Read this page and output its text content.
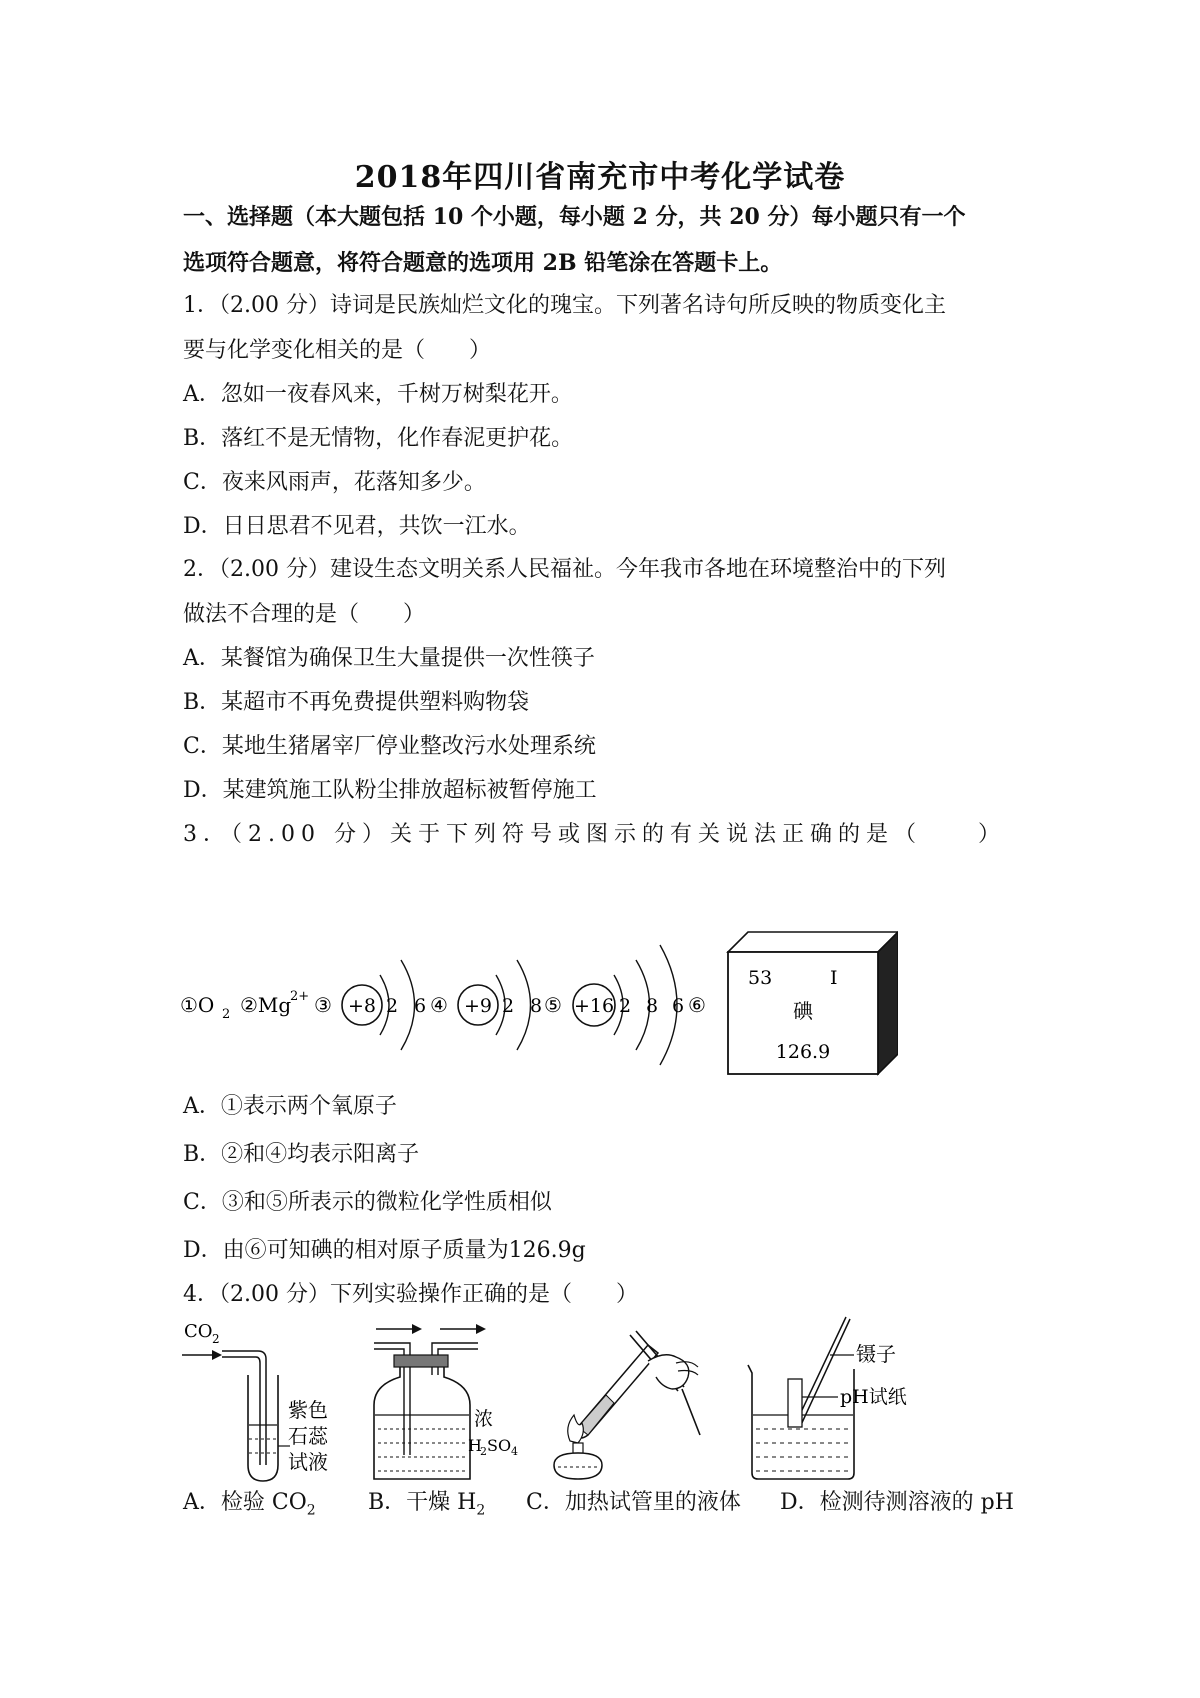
2018年四川省南充市中考化学试卷
一、选择题（本大题包括 10 个小题，每小题 2 分，共 20 分）每小题只有一个
选项符合题意，将符合题意的选项用 2B 铅笔涂在答题卡上。
1．（2.00 分）诗词是民族灿烂文化的瑰宝。下列著名诗句所反映的物质变化主
要与化学变化相关的是（　　）
A．忽如一夜春风来，千树万树梨花开。
B．落红不是无情物，化作春泥更护花。
C．夜来风雨声，花落知多少。
D．日日思君不见君，共饮一江水。
2．（2.00 分）建设生态文明关系人民福祉。今年我市各地在环境整治中的下列
做法不合理的是（　　）
A．某餐馆为确保卫生大量提供一次性筷子
B．某超市不再免费提供塑料购物袋
C．某地生猪屠宰厂停业整改污水处理系统
D．某建筑施工队粉尘排放超标被暂停施工
3．（2.00 分）关于下列符号或图示的有关说法正确的是（　　）
①O 2 ②Mg
2+ ③ +8 2 6 ④ +9 2 8 ⑤ +16 2 8 6 ⑥
53	I
碘
126.9
A．①表示两个氧原子
B．②和④均表示阳离子
C．③和⑤所表示的微粒化学性质相似
D．由⑥可知碘的相对原子质量为126.9g
4．（2.00 分）下列实验操作正确的是（　　）
CO 2
紫色
石蕊
试液
浓
H
2 SO 4
镊子
pH试纸
A．检验 $CO_2$ B．干燥 $H_2$ C．加热试管里的液体 D．检测待测溶液的 pH
